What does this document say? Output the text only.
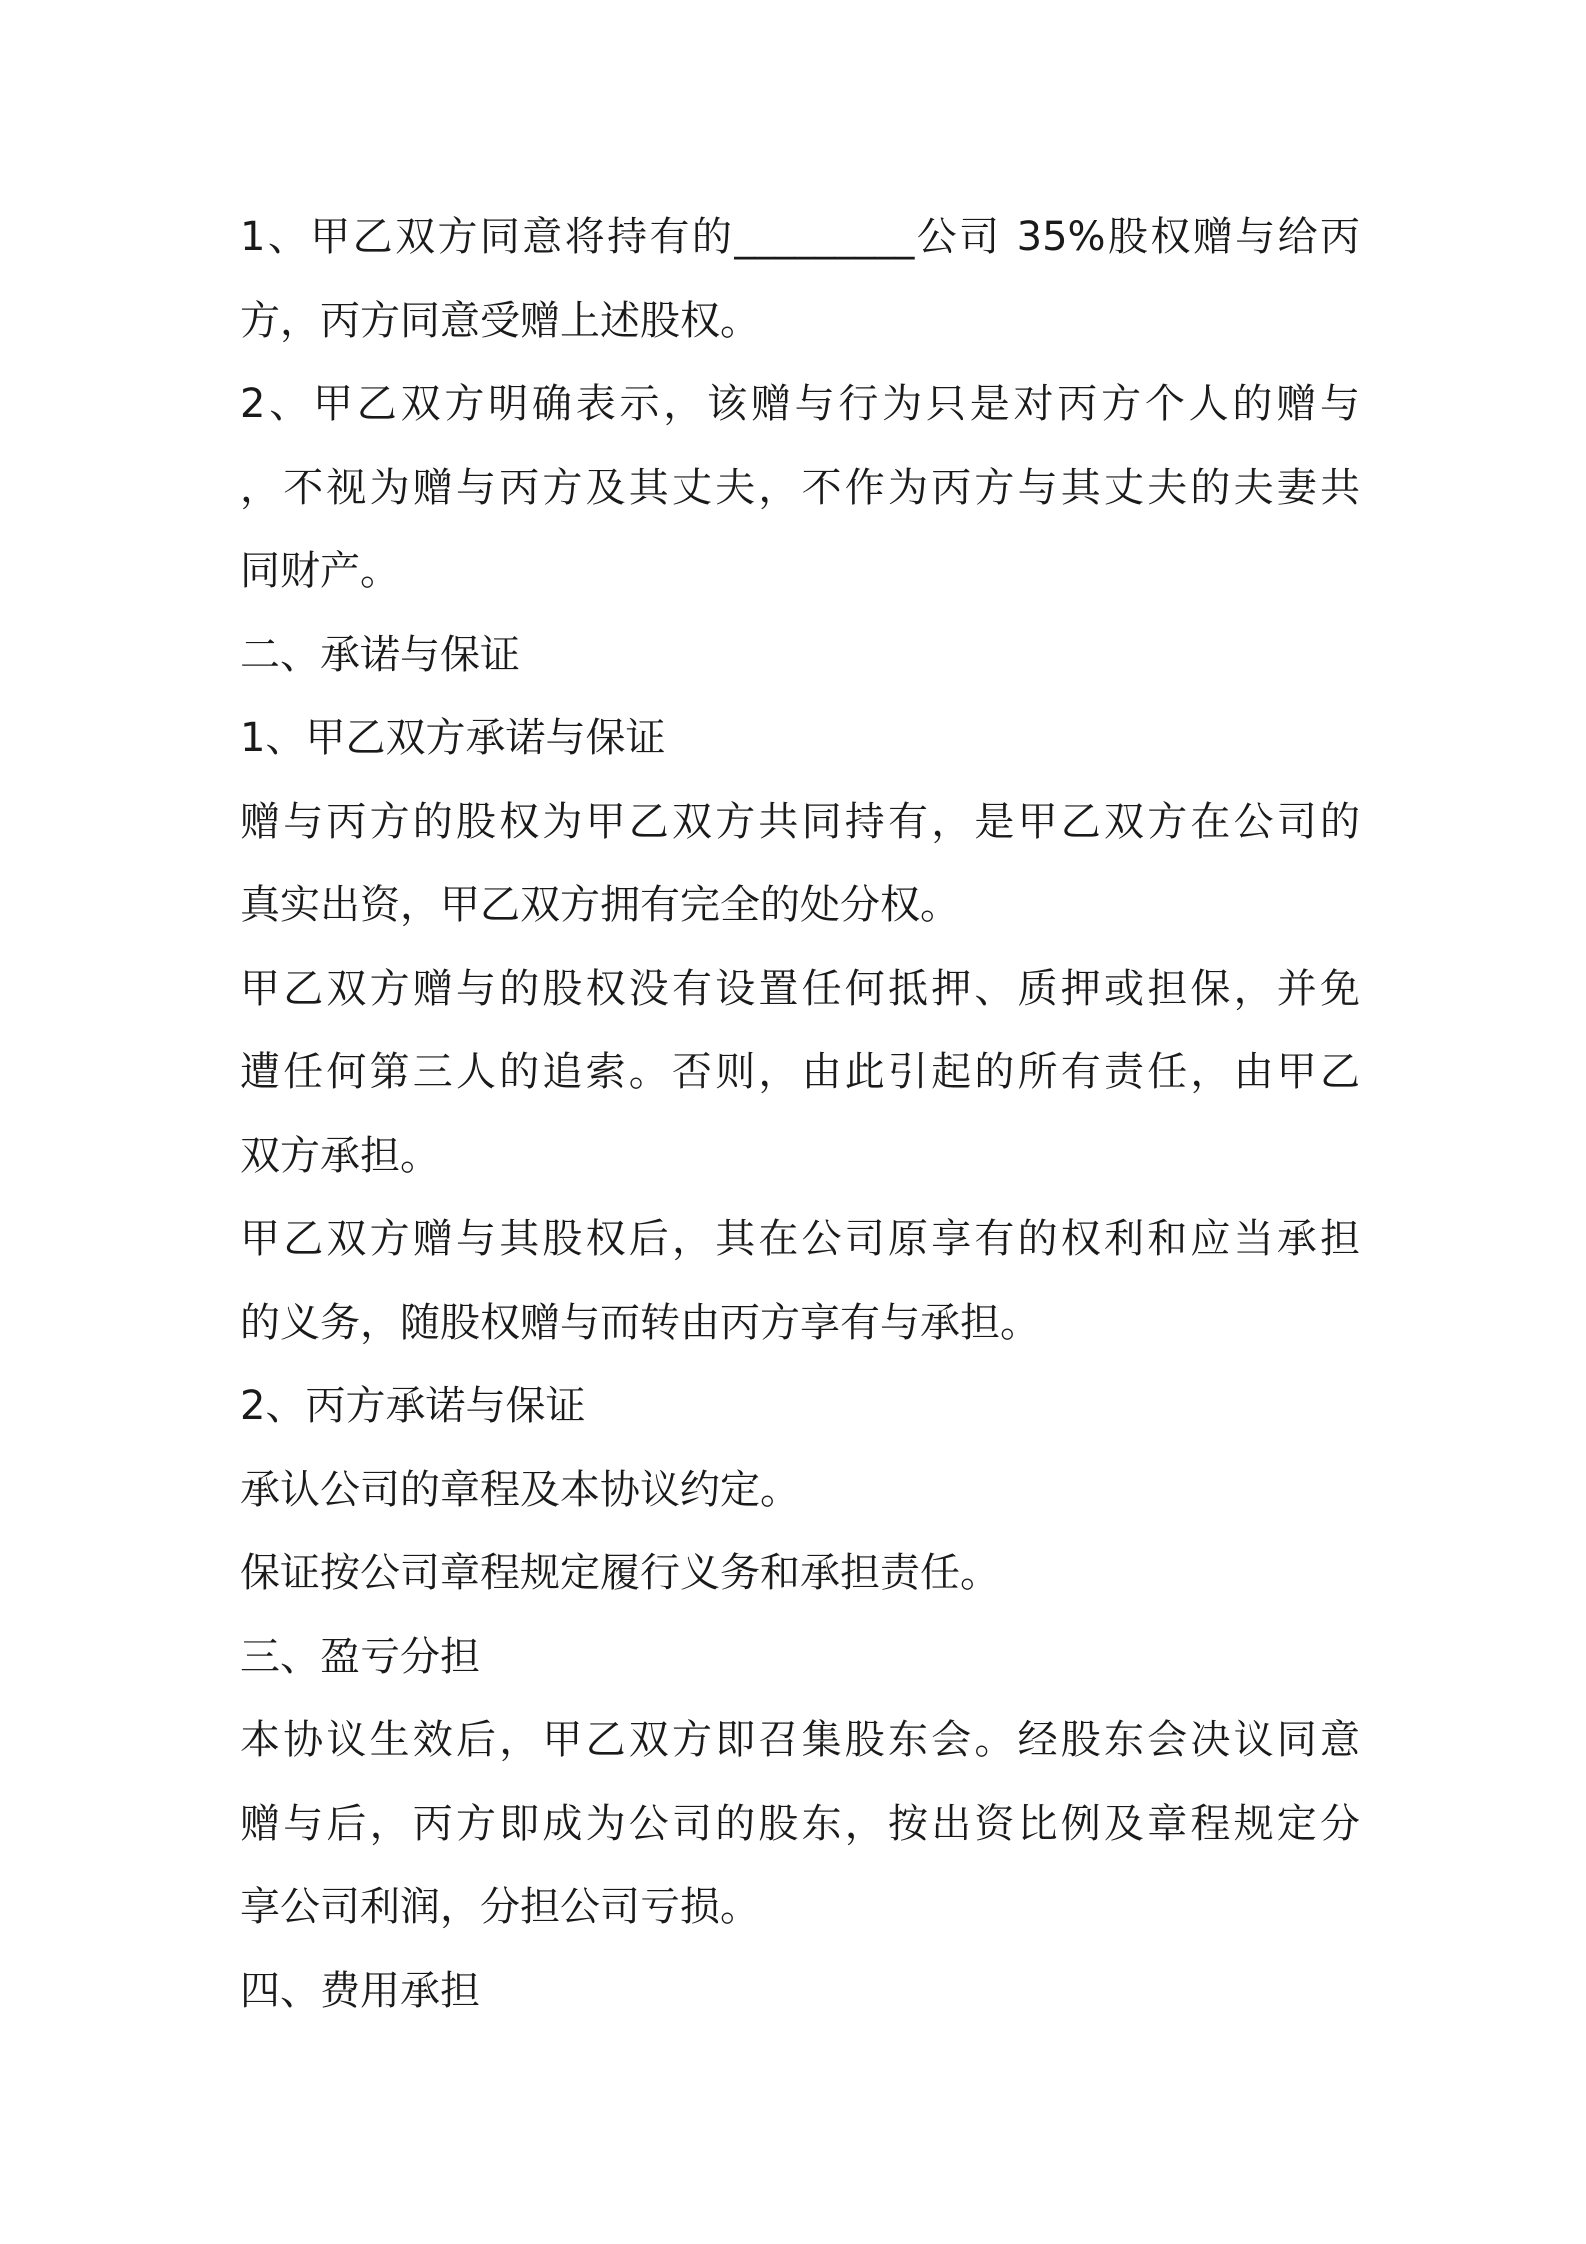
1、甲乙双方同意将持有的_________公司 35%股权赠与给丙
方，丙方同意受赠上述股权。
2、甲乙双方明确表示，该赠与行为只是对丙方个人的赠与
，不视为赠与丙方及其丈夫，不作为丙方与其丈夫的夫妻共
同财产。
二、承诺与保证
1、甲乙双方承诺与保证
赠与丙方的股权为甲乙双方共同持有，是甲乙双方在公司的
真实出资，甲乙双方拥有完全的处分权。
甲乙双方赠与的股权没有设置任何抵押、质押或担保，并免
遭任何第三人的追索。否则，由此引起的所有责任，由甲乙
双方承担。
甲乙双方赠与其股权后，其在公司原享有的权利和应当承担
的义务，随股权赠与而转由丙方享有与承担。
2、丙方承诺与保证
承认公司的章程及本协议约定。
保证按公司章程规定履行义务和承担责任。
三、盈亏分担
本协议生效后，甲乙双方即召集股东会。经股东会决议同意
赠与后，丙方即成为公司的股东，按出资比例及章程规定分
享公司利润，分担公司亏损。
四、费用承担
